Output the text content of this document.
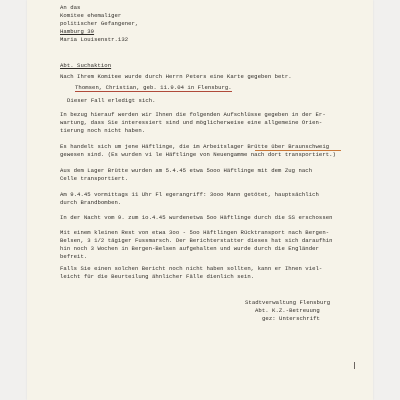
An das
Komitee ehemaliger
politischer Gefangener,
Hamburg 39
Maria Louisenstr.132
Abt. Suchaktion
Nach Ihrem Komitee wurde durch Herrn Peters eine Karte gegeben betr.
Thomsen, Christian, geb. 11.9.04 in Flensburg.
Dieser Fall erledigt sich.
In bezug hierauf werden wir Ihnen die folgenden Aufschlüsse gegeben in der Er-
wartung, dass Sie interessiert sind und möglicherweise eine allgemeine Orien-
tierung noch nicht haben.
Es handelt sich um jene Häftlinge, die im Arbeitslager Brütte über Braunschweig
gewesen sind. (Es wurden vi le Häftlinge von Neuengamme nach dort transportiert.)
Aus dem Lager Brütte wurden am 5.4.45 etwa 5ooo Häftlinge mit dem Zug nach
Celle transportiert.
Am 9.4.45 vormittags 11 Uhr Fl egerangriff: 3ooo Mann getötet, hauptsächlich
durch Brandbomben.
In der Nacht vom 9. zum 1o.4.45 wurdenetwa 5oo Häftlinge durch die SS erschossen
Mit einem kleinen Rest von etwa 3oo - 5oo Häftlingen Rücktransport nach Bergen-
Belsen, 3 1/2 tägiger Fussmarsch. Der Berichterstatter dieses hat sich daraufhin
hin noch 3 Wochen in Bergen-Belsen aufgehalten und wurde durch die Engländer
befreit.
Falls Sie einen solchen Bericht noch nicht haben sollten, kann er Ihnen viel-
leicht für die Beurteilung ähnlicher Fälle dienlich sein.
Stadtverwaltung Flensburg
Abt. K.Z.-Betreuung
gez: Unterschrift
